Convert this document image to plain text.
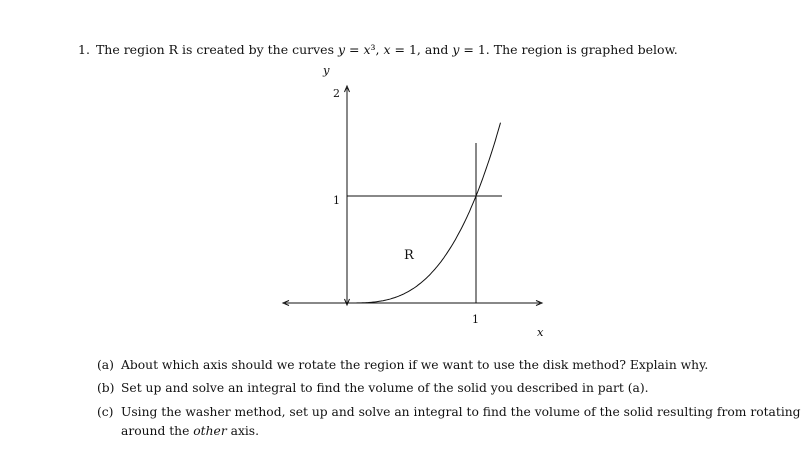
1. The region R is created by the curves y = x³, x = 1, and y = 1. The region is graphed below.
y
2
1
1
x
R
(a) About which axis should we rotate the region if we want to use the disk method? Explain why.
(b) Set up and solve an integral to find the volume of the solid you described in part (a).
(c) Using the washer method, set up and solve an integral to find the volume of the solid resulting from rotating
around the other axis.
